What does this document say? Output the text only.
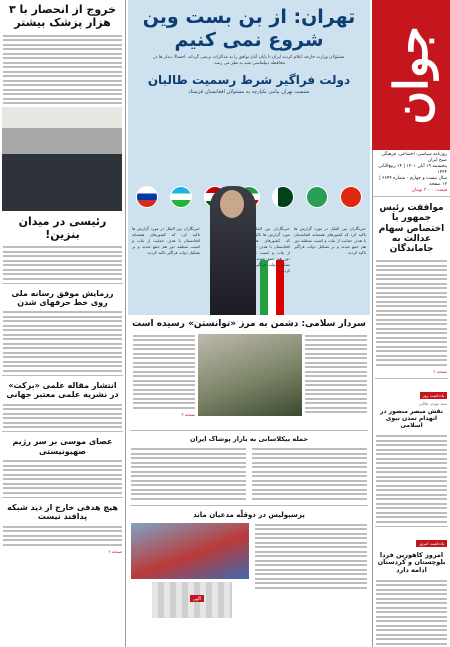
جوان
روزنامه سیاسی، اجتماعی، فرهنگی صبح ایران
پنجشنبه ۱۹ آبان ۱۴۰۱ | ۱۴ ربیع‌الثانی ۱۴۴۴
سال بیست و چهارم - شماره ۶۶۴۴ | ۱۲ صفحه
قیمت: ۳۰۰۰ تومان
موافقت رئیس جمهور با اختصاص سهام عدالت به جاماندگان
صفحه ۲
یادداشت روز
سید مهدی طالبی
نقش مبصر منصور در انهدام تمدن نبوی اسلامی
یادداشت امروز
امروز کاهورین فردا بلوچستان و کردستان ادامه دارد
تهران: از بن بست وین شروع نمی کنیم
مسئولان وزارت خارجه اعلام کردند ایران تا پایان آبان توافق را به مذاکرات برنمی گرداند. احتمالا دیدار ها در محافظه دیپلماسی بعید به نظر می رسد.
دولت فراگیر شرط رسمیت طالبان
نشست تهران پیامی یکپارچه به مسئولان افغانستان فرستاد
خبرنگاران بین الملل در مورد گزارش ها تاکید کرد که کشورهای همسایه افغانستان با هدف حمایت از ثبات و امنیت منطقه دور هم جمع شدند و بر تشکیل دولت فراگیر تاکید کردند.
خبرنگاران بین الملل در مورد گزارش ها تاکید کرد که کشورهای همسایه افغانستان با هدف حمایت از ثبات و امنیت منطقه دور هم جمع شدند و بر تشکیل دولت فراگیر تاکید کردند.
خبرنگاران بین الملل در مورد گزارش ها تاکید کرد که کشورهای همسایه افغانستان با هدف حمایت از ثبات و امنیت منطقه دور هم جمع شدند و بر تشکیل دولت فراگیر تاکید کردند.
سردار سلامی: دشمن به مرز «توانستن» رسیده است
صفحه ۳
حمله بیکلاسانی به بازار پوشاک ایران
پرسپولیس در دوقلّه مدعیان ماند
آگهی
خروج از انحصار با ۳ هزار پزشک بیشتر
رئیسی در میدان بنزین!
رزمایش موفق رسانه ملی روی خط حرفهای شدن
انتشار مقاله علمی «برکت» در نشریه علمی معتبر جهانی
عصای موسی بر سر رژیم صهیونیستی
هیچ هدفی خارج از دید شبکه پدافند نیست
صفحه ۴
